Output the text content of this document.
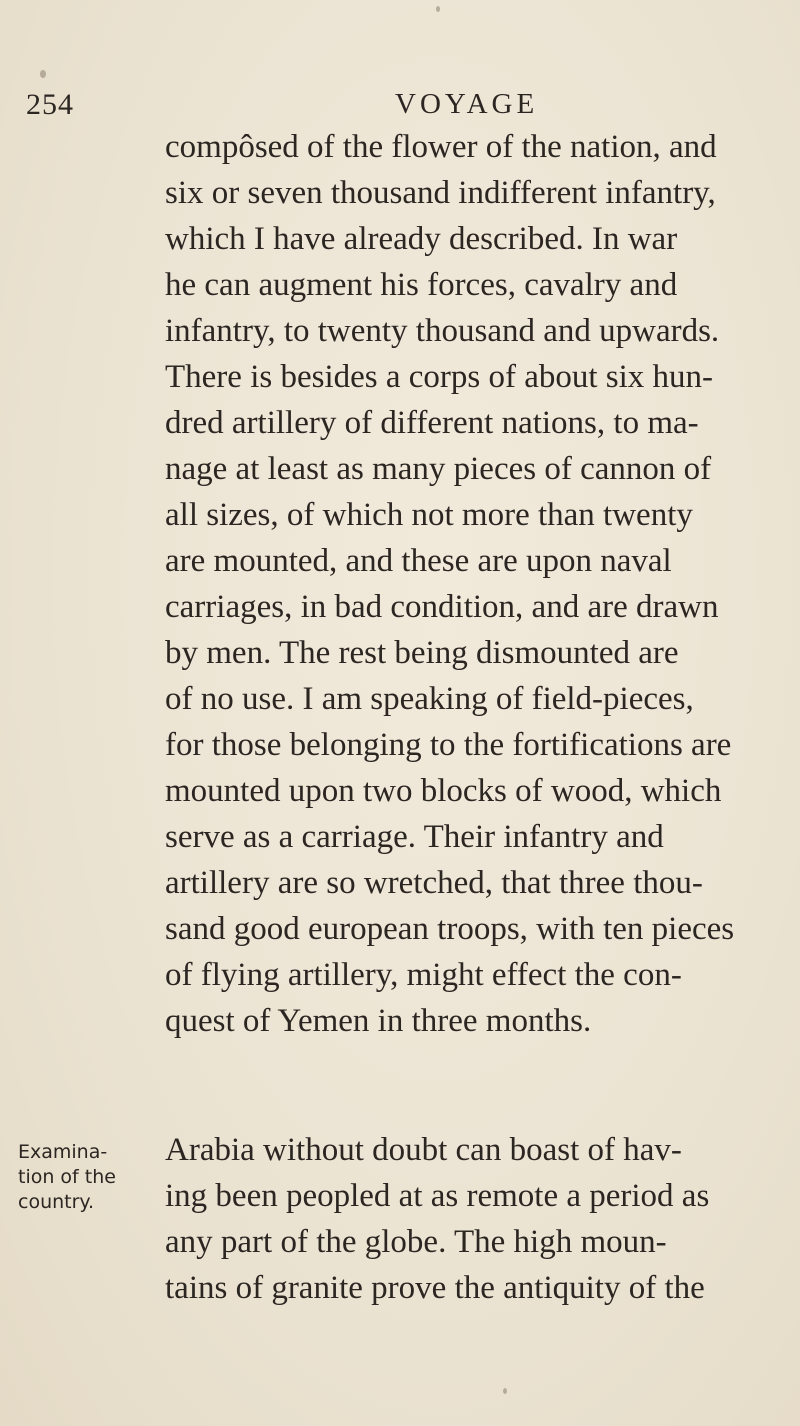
254	VOYAGE

compôsed of the flower of the nation, and
six or seven thousand indifferent infantry,
which I have already described. In war
he can augment his forces, cavalry and
infantry, to twenty thousand and upwards.
There is besides a corps of about six hun-
dred artillery of different nations, to ma-
nage at least as many pieces of cannon of
all sizes, of which not more than twenty
are mounted, and these are upon naval
carriages, in bad condition, and are drawn
by men. The rest being dismounted are
of no use. I am speaking of field-pieces,
for those belonging to the fortifications are
mounted upon two blocks of wood, which
serve as a carriage. Their infantry and
artillery are so wretched, that three thou-
sand good european troops, with ten pieces
of flying artillery, might effect the con-
quest of Yemen in three months.

Examina-
tion of the
country.

Arabia without doubt can boast of hav-
ing been peopled at as remote a period as
any part of the globe. The high moun-
tains of granite prove the antiquity of the
